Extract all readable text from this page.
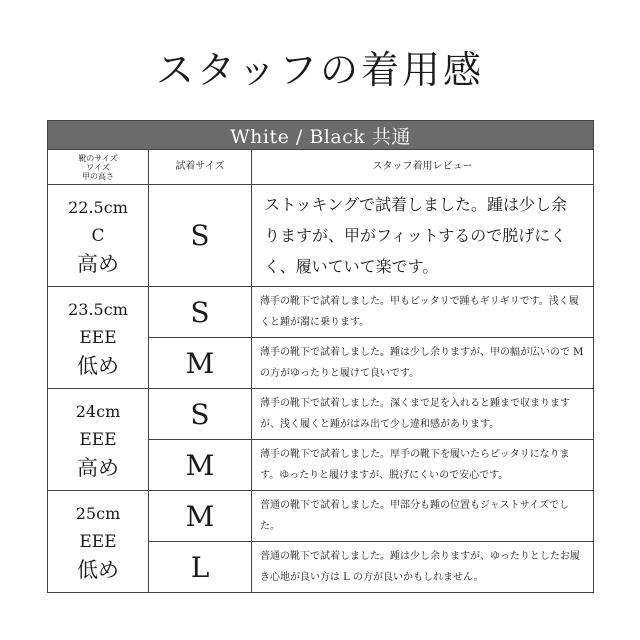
スタッフの着用感
White / Black 共通		

靴のサイズ
ワイズ
甲の高さ	試着サイズ	スタッフ着用レビュー

22.5cm
C
高め	S	ストッキングで試着しました。踵は少し余りますが、甲がフィットするので脱げにくく、履いていて楽です。

23.5cm
EEE
低め	S	薄手の靴下で試着しました。甲もピッタリで踵もギリギリです。浅く履くと踵が濁に乗ります。
	M	薄手の靴下で試着しました。踵は少し余りますが、甲の幅が広いので M の方がゆったりと履けて良いです。

24cm
EEE
高め	S	薄手の靴下で試着しました。深くまで足を入れると踵まで収まりますが、浅く履くと踵がはみ出て少し違和感があります。
	M	薄手の靴下で試着しました。厚手の靴下を履いたらピッタリになります。ゆったりと履けますが、脱げにくいので安心です。

25cm
EEE
低め	M	普通の靴下で試着しました。甲部分も踵の位置もジャストサイズでした。
	L	普通の靴下で試着しました。踵は少し余りますが、ゆったりとしたお履き心地が良い方は L の方が良いかもしれません。
